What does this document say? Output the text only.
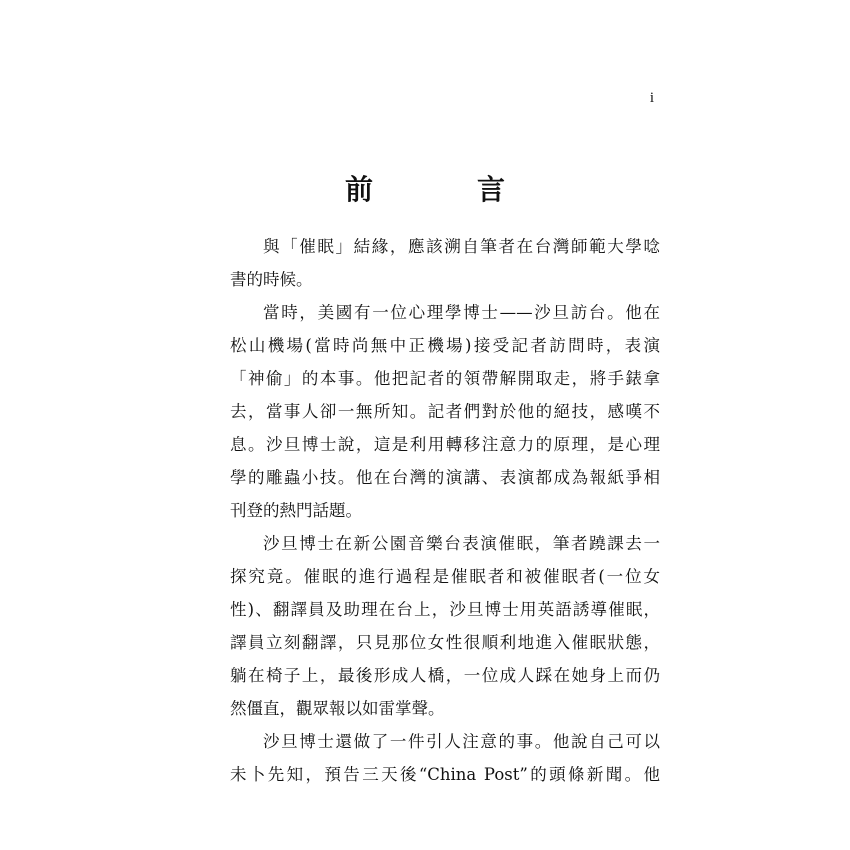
i
前　言
與「催眠」結緣，應該溯自筆者在台灣師範大學唸
書的時候。
當時，美國有一位心理學博士——沙旦訪台。他在
松山機場(當時尚無中正機場)接受記者訪問時，表演
「神偷」的本事。他把記者的領帶解開取走，將手錶拿
去，當事人卻一無所知。記者們對於他的絕技，感嘆不
息。沙旦博士說，這是利用轉移注意力的原理，是心理
學的雕蟲小技。他在台灣的演講、表演都成為報紙爭相
刊登的熱門話題。
沙旦博士在新公園音樂台表演催眠，筆者蹺課去一
探究竟。催眠的進行過程是催眠者和被催眠者(一位女
性)、翻譯員及助理在台上，沙旦博士用英語誘導催眠，
譯員立刻翻譯，只見那位女性很順利地進入催眠狀態，
躺在椅子上，最後形成人橋，一位成人踩在她身上而仍
然僵直，觀眾報以如雷掌聲。
沙旦博士還做了一件引人注意的事。他說自己可以
未卜先知，預告三天後“China Post”的頭條新聞。他
